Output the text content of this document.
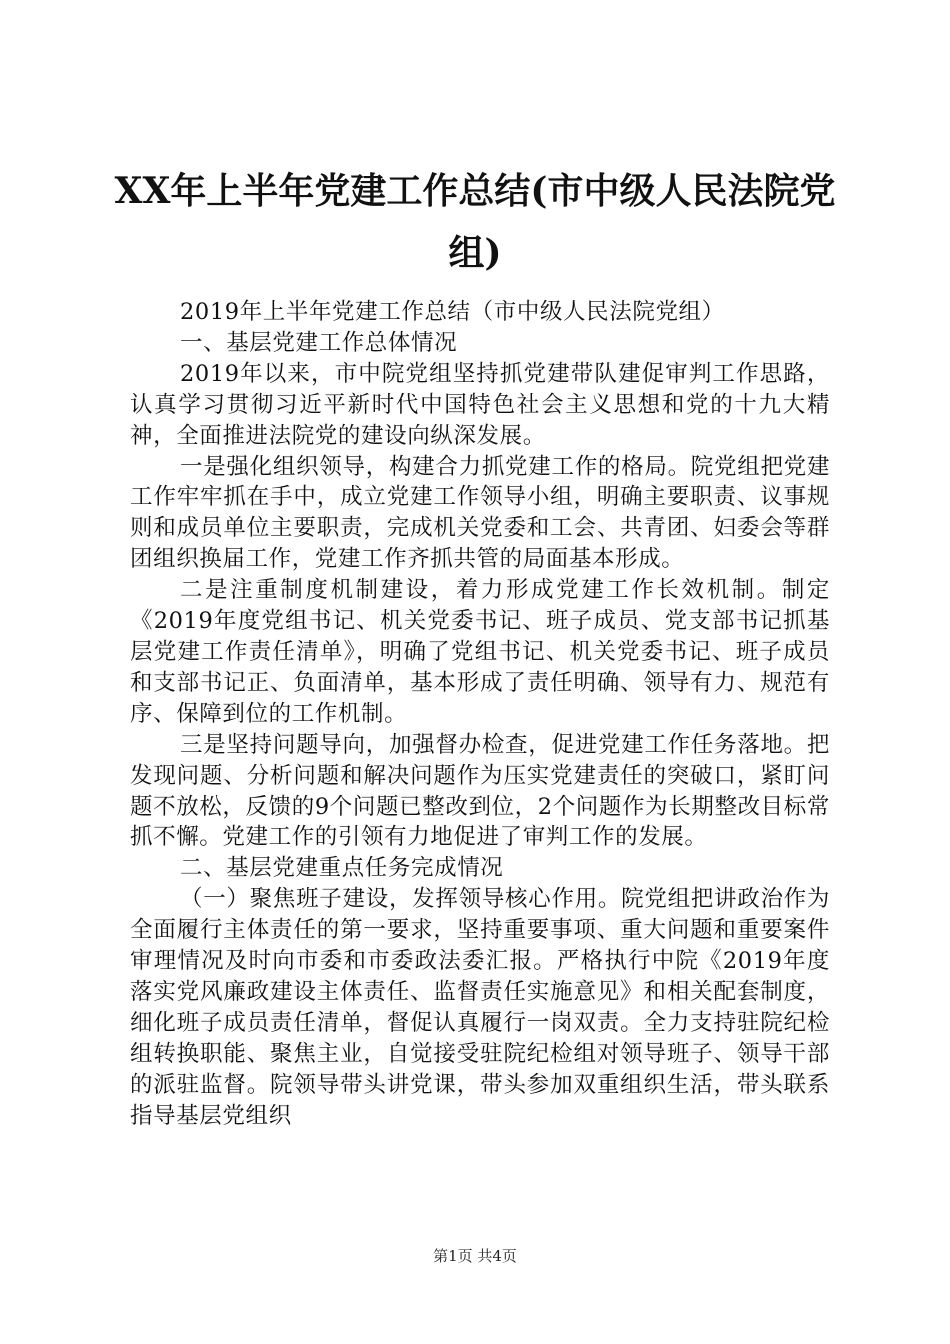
XX年上半年党建工作总结(市中级人民法院党组)

2019年上半年党建工作总结（市中级人民法院党组）

一、基层党建工作总体情况

2019年以来，市中院党组坚持抓党建带队建促审判工作思路，认真学习贯彻习近平新时代中国特色社会主义思想和党的十九大精神，全面推进法院党的建设向纵深发展。

一是强化组织领导，构建合力抓党建工作的格局。院党组把党建工作牢牢抓在手中，成立党建工作领导小组，明确主要职责、议事规则和成员单位主要职责，完成机关党委和工会、共青团、妇委会等群团组织换届工作，党建工作齐抓共管的局面基本形成。

二是注重制度机制建设，着力形成党建工作长效机制。制定《2019年度党组书记、机关党委书记、班子成员、党支部书记抓基层党建工作责任清单》，明确了党组书记、机关党委书记、班子成员和支部书记正、负面清单，基本形成了责任明确、领导有力、规范有序、保障到位的工作机制。

三是坚持问题导向，加强督办检查，促进党建工作任务落地。把发现问题、分析问题和解决问题作为压实党建责任的突破口，紧盯问题不放松，反馈的9个问题已整改到位，2个问题作为长期整改目标常抓不懈。党建工作的引领有力地促进了审判工作的发展。

二、基层党建重点任务完成情况

（一）聚焦班子建设，发挥领导核心作用。院党组把讲政治作为全面履行主体责任的第一要求，坚持重要事项、重大问题和重要案件审理情况及时向市委和市委政法委汇报。严格执行中院《2019年度落实党风廉政建设主体责任、监督责任实施意见》和相关配套制度，细化班子成员责任清单，督促认真履行一岗双责。全力支持驻院纪检组转换职能、聚焦主业，自觉接受驻院纪检组对领导班子、领导干部的派驻监督。院领导带头讲党课，带头参加双重组织生活，带头联系指导基层党组织

第1页 共4页
